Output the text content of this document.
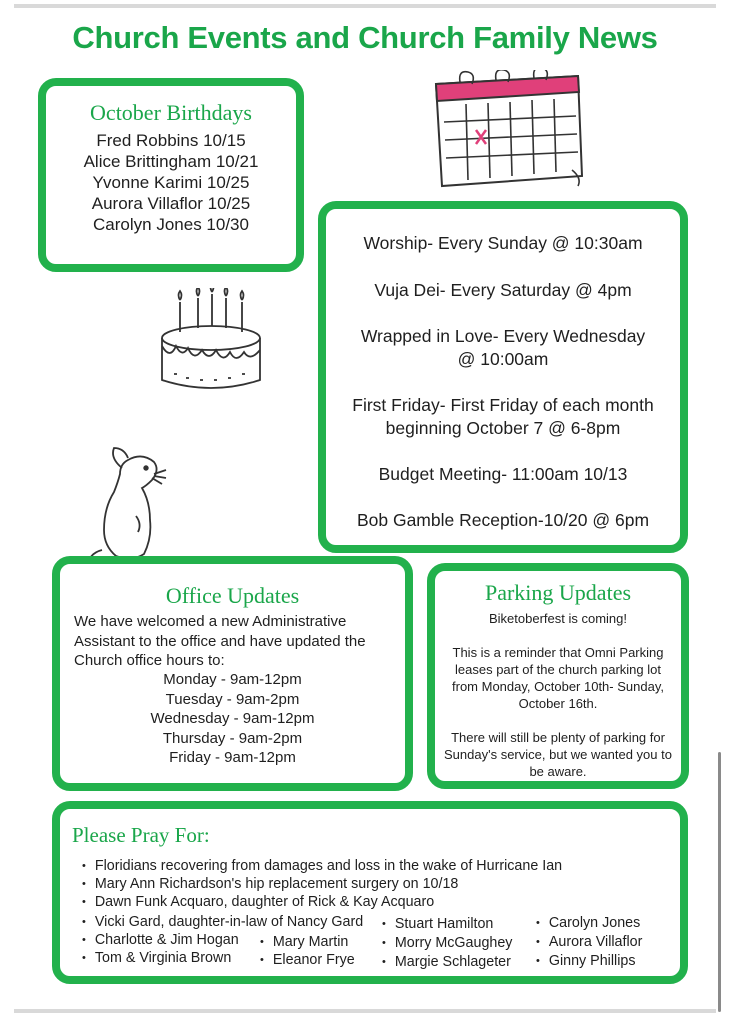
Church Events and Church Family News
October Birthdays
Fred Robbins 10/15
Alice Brittingham 10/21
Yvonne Karimi 10/25
Aurora Villaflor 10/25
Carolyn Jones 10/30
Worship- Every Sunday @ 10:30am
Vuja Dei- Every Saturday @ 4pm
Wrapped in Love- Every Wednesday
@ 10:00am
First Friday- First Friday of each month
beginning October 7 @ 6-8pm
Budget Meeting- 11:00am 10/13
Bob Gamble Reception-10/20 @ 6pm
Office Updates
We have welcomed a new Administrative Assistant to the office and have updated the Church office hours to:
Monday - 9am-12pm
Tuesday - 9am-2pm
Wednesday - 9am-12pm
Thursday - 9am-2pm
Friday - 9am-12pm
Parking Updates

Biketoberfest is coming!

This is a reminder that Omni Parking leases part of the church parking lot from Monday, October 10th- Sunday, October 16th.

There will still be plenty of parking for Sunday's service, but we wanted you to be aware.

Please Pray For:
• Floridians recovering from damages and loss in the wake of Hurricane Ian
• Mary Ann Richardson's hip replacement surgery on 10/18
• Dawn Funk Acquaro, daughter of Rick & Kay Acquaro
• Vicki Gard, daughter-in-law of Nancy Gard
• Charlotte & Jim Hogan
• Tom & Virginia Brown
• Mary Martin
• Eleanor Frye
• Stuart Hamilton
• Morry McGaughey
• Margie Schlageter
• Carolyn Jones
• Aurora Villaflor
• Ginny Phillips
